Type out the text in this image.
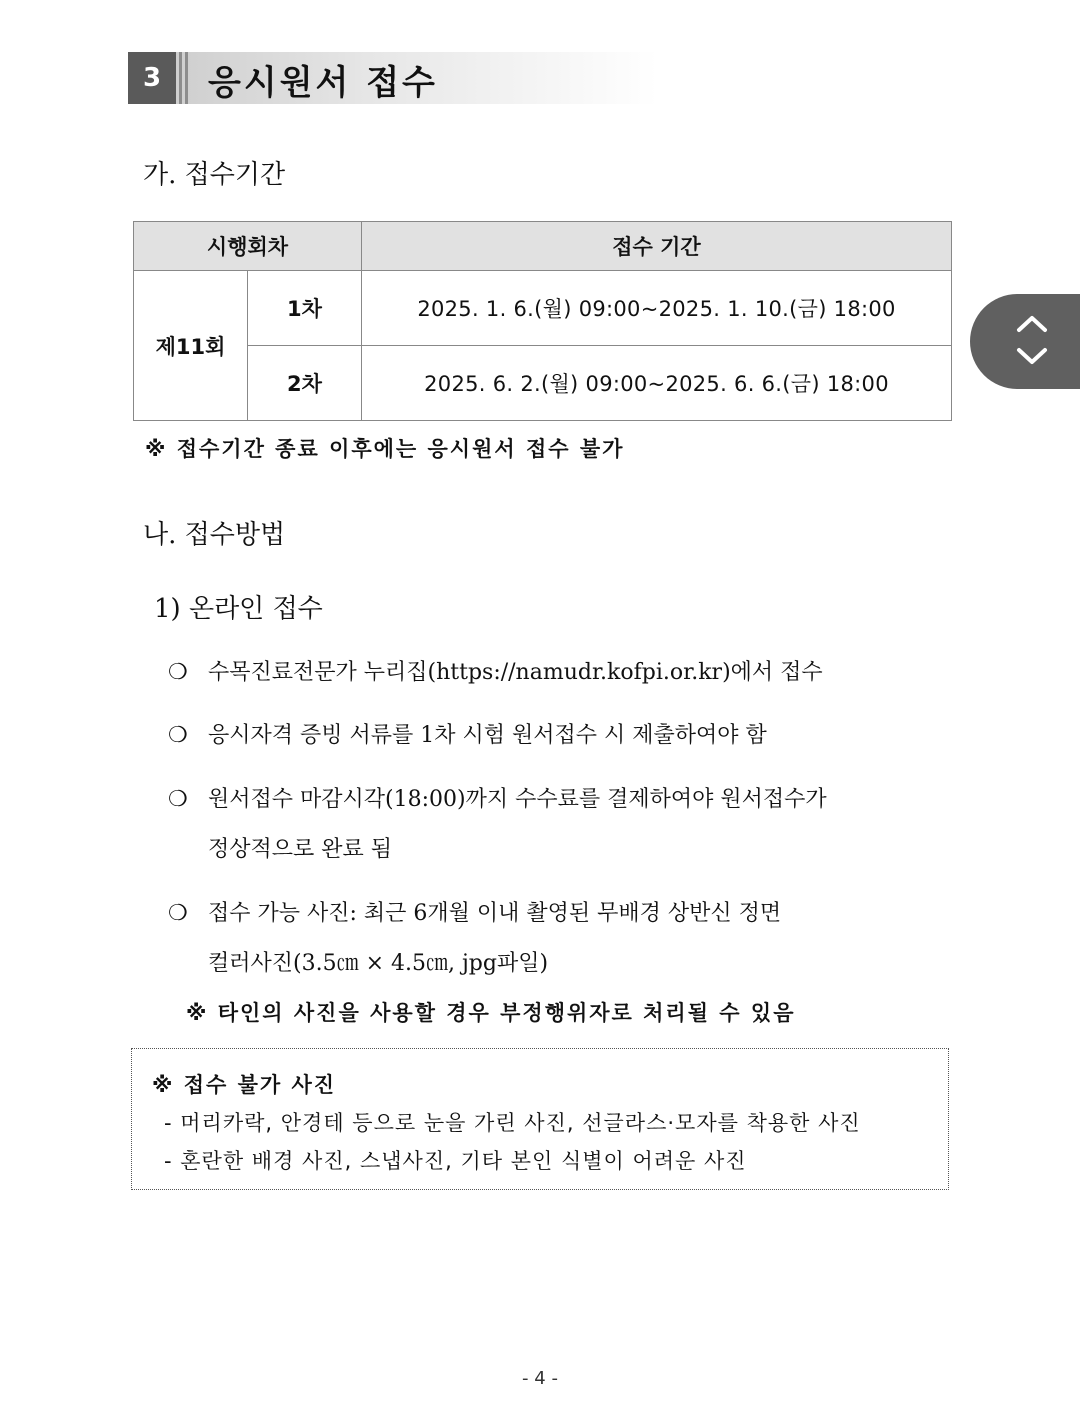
3	응시원서 접수
가. 접수기간
시행회차		접수 기간
제11회	1차	2025. 1. 6.(월) 09:00~2025. 1. 10.(금) 18:00
	2차	2025. 6. 2.(월) 09:00~2025. 6. 6.(금) 18:00
※ 접수기간 종료 이후에는 응시원서 접수 불가
나. 접수방법
1) 온라인 접수
❍ 수목진료전문가 누리집(https://namudr.kofpi.or.kr)에서 접수
❍ 응시자격 증빙 서류를 1차 시험 원서접수 시 제출하여야 함
❍ 원서접수 마감시각(18:00)까지 수수료를 결제하여야 원서접수가
정상적으로 완료 됨
❍ 접수 가능 사진: 최근 6개월 이내 촬영된 무배경 상반신 정면
컬러사진(3.5㎝ × 4.5㎝, jpg파일)
※ 타인의 사진을 사용할 경우 부정행위자로 처리될 수 있음
※ 접수 불가 사진
- 머리카락, 안경테 등으로 눈을 가린 사진, 선글라스·모자를 착용한 사진
- 혼란한 배경 사진, 스냅사진, 기타 본인 식별이 어려운 사진
- 4 -
